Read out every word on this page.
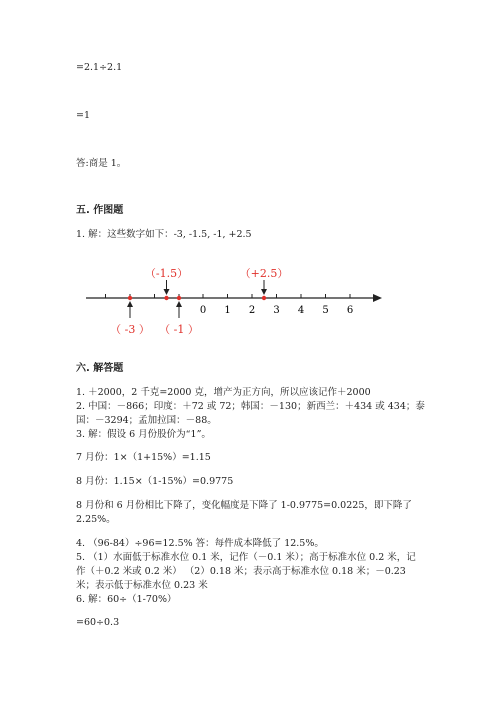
=2.1÷2.1
=1
答:商是 1。
五. 作图题
1. 解：这些数字如下：-3, -1.5, -1, +2.5
0 1 2 3 4 5 6
（-1.5）	（+2.5）
（ -3 ） （ -1 ）
六. 解答题
1. ＋2000，2 千克=2000 克，增产为正方向，所以应该记作＋2000
2. 中国：－866；印度：＋72 或 72；韩国：－130；新西兰：＋434 或 434；泰
国：－3294；孟加拉国：－88。
3. 解：假设 6 月份股价为“1”。
7 月份：1×（1+15%）=1.15
8 月份：1.15×（1-15%）=0.9775
8 月份和 6 月份相比下降了，变化幅度是下降了 1-0.9775=0.0225，即下降了
2.25%。
4. （96-84）÷96=12.5% 答：每件成本降低了 12.5%。
5. （1）水面低于标准水位 0.1 米，记作（－0.1 米）；高于标准水位 0.2 米，记
作（＋0.2 米或 0.2 米） （2）0.18 米；表示高于标准水位 0.18 米；－0.23
米；表示低于标准水位 0.23 米
6. 解：60÷（1-70%）
=60÷0.3
